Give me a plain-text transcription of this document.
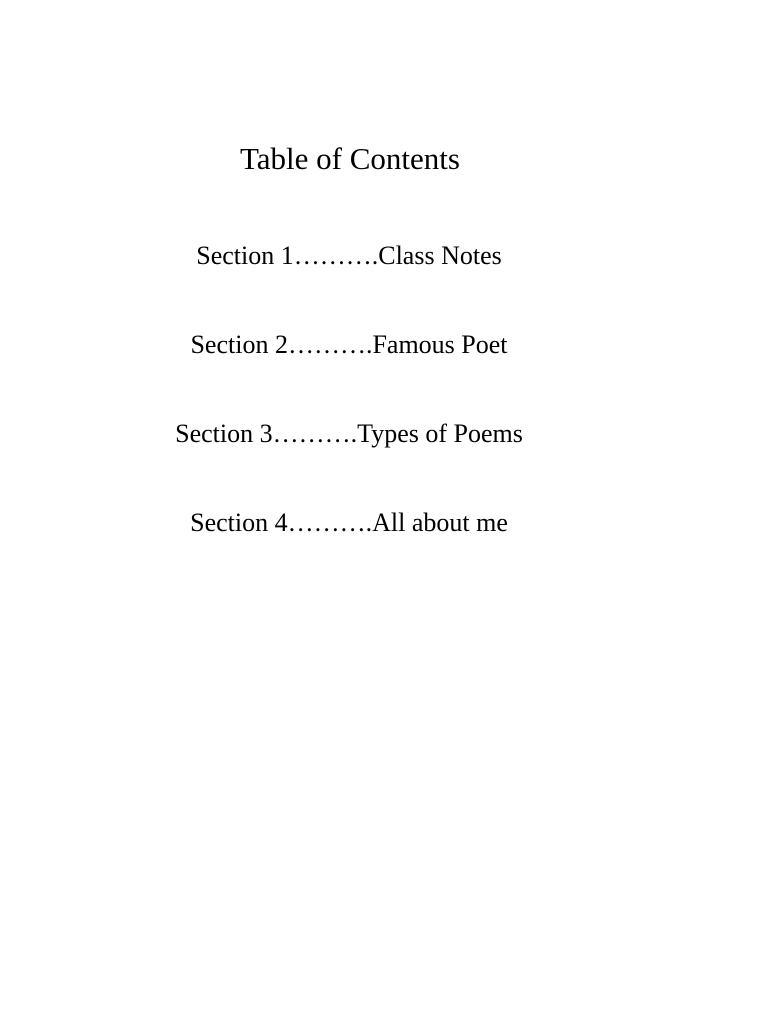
Table of Contents
Section 1……….Class Notes
Section 2……….Famous Poet
Section 3……….Types of Poems
Section 4……….All about me
